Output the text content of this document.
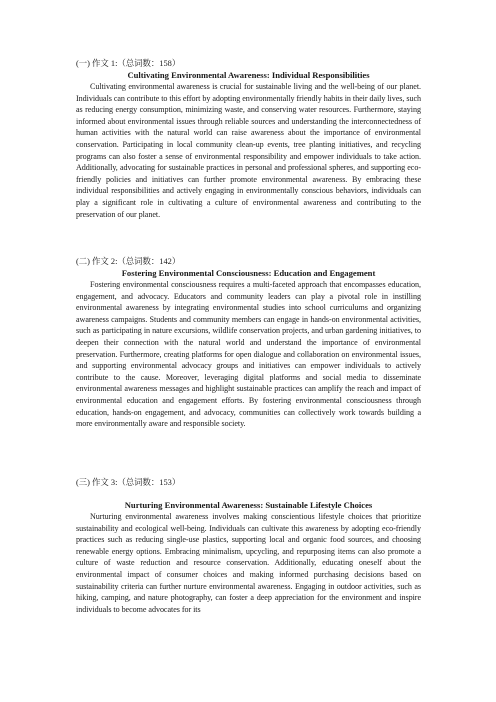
(一) 作文 1:（总词数：158）
Cultivating Environmental Awareness: Individual Responsibilities

Cultivating environmental awareness is crucial for sustainable living and the well-being of our planet. Individuals can contribute to this effort by adopting environmentally friendly habits in their daily lives, such as reducing energy consumption, minimizing waste, and conserving water resources. Furthermore, staying informed about environmental issues through reliable sources and understanding the interconnectedness of human activities with the natural world can raise awareness about the importance of environmental conservation. Participating in local community clean-up events, tree planting initiatives, and recycling programs can also foster a sense of environmental responsibility and empower individuals to take action. Additionally, advocating for sustainable practices in personal and professional spheres, and supporting eco-friendly policies and initiatives can further promote environmental awareness. By embracing these individual responsibilities and actively engaging in environmentally conscious behaviors, individuals can play a significant role in cultivating a culture of environmental awareness and contributing to the preservation of our planet.

(二) 作文 2:（总词数：142）
Fostering Environmental Consciousness: Education and Engagement

Fostering environmental consciousness requires a multi-faceted approach that encompasses education, engagement, and advocacy. Educators and community leaders can play a pivotal role in instilling environmental awareness by integrating environmental studies into school curriculums and organizing awareness campaigns. Students and community members can engage in hands-on environmental activities, such as participating in nature excursions, wildlife conservation projects, and urban gardening initiatives, to deepen their connection with the natural world and understand the importance of environmental preservation. Furthermore, creating platforms for open dialogue and collaboration on environmental issues, and supporting environmental advocacy groups and initiatives can empower individuals to actively contribute to the cause. Moreover, leveraging digital platforms and social media to disseminate environmental awareness messages and highlight sustainable practices can amplify the reach and impact of environmental education and engagement efforts. By fostering environmental consciousness through education, hands-on engagement, and advocacy, communities can collectively work towards building a more environmentally aware and responsible society.

(三) 作文 3:（总词数：153）
Nurturing Environmental Awareness: Sustainable Lifestyle Choices

Nurturing environmental awareness involves making conscientious lifestyle choices that prioritize sustainability and ecological well-being. Individuals can cultivate this awareness by adopting eco-friendly practices such as reducing single-use plastics, supporting local and organic food sources, and choosing renewable energy options. Embracing minimalism, upcycling, and repurposing items can also promote a culture of waste reduction and resource conservation. Additionally, educating oneself about the environmental impact of consumer choices and making informed purchasing decisions based on sustainability criteria can further nurture environmental awareness. Engaging in outdoor activities, such as hiking, camping, and nature photography, can foster a deep appreciation for the environment and inspire individuals to become advocates for its
